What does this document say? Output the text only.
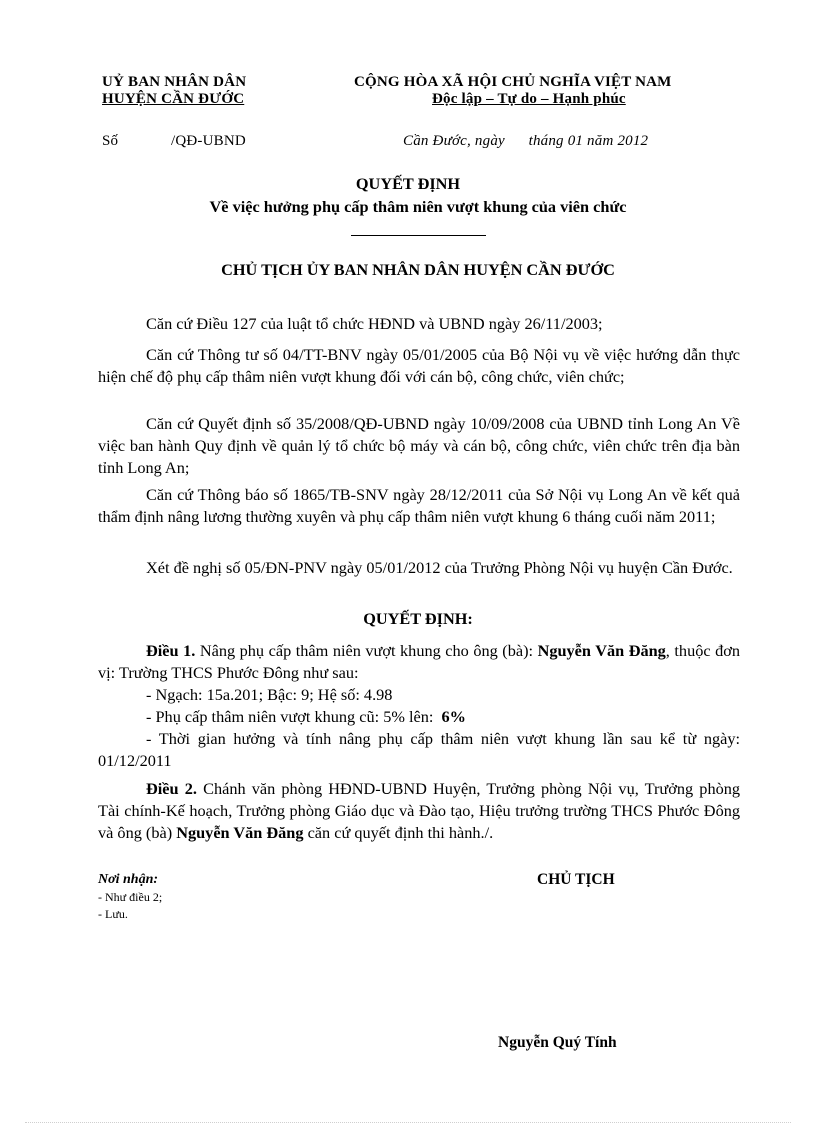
UỶ BAN NHÂN DÂN
HUYỆN CẦN ĐƯỚC
CỘNG HÒA XÃ HỘI CHỦ NGHĨA VIỆT NAM
Độc lập – Tự do – Hạnh phúc
Số	/QĐ-UBND	Cần Đước, ngày      tháng 01 năm 2012
QUYẾT ĐỊNH
Về việc hưởng phụ cấp thâm niên vượt khung của viên chức
CHỦ TỊCH ỦY BAN NHÂN DÂN HUYỆN CẦN ĐƯỚC
Căn cứ Điều 127 của luật tổ chức HĐND và UBND ngày 26/11/2003;
Căn cứ Thông tư số 04/TT-BNV ngày 05/01/2005 của Bộ Nội vụ về việc hướng dẫn thực hiện chế độ phụ cấp thâm niên vượt khung đối với cán bộ, công chức, viên chức;
Căn cứ Quyết định số 35/2008/QĐ-UBND ngày 10/09/2008 của UBND tỉnh Long An Về việc ban hành Quy định về quản lý tổ chức bộ máy và cán bộ, công chức, viên chức trên địa bàn tỉnh Long An;
Căn cứ Thông báo số 1865/TB-SNV ngày 28/12/2011 của Sở Nội vụ Long An về kết quả thẩm định nâng lương thường xuyên và phụ cấp thâm niên vượt khung 6 tháng cuối năm 2011;
Xét đề nghị số 05/ĐN-PNV ngày 05/01/2012 của Trưởng Phòng Nội vụ huyện Cần Đước.
QUYẾT ĐỊNH:
Điều 1. Nâng phụ cấp thâm niên vượt khung cho ông (bà): Nguyễn Văn Đăng, thuộc đơn vị: Trường THCS Phước Đông như sau:
- Ngạch: 15a.201; Bậc: 9; Hệ số: 4.98
- Phụ cấp thâm niên vượt khung cũ: 5% lên:  6%
- Thời gian hưởng và tính nâng phụ cấp thâm niên vượt khung lần sau kể từ ngày: 01/12/2011
Điều 2. Chánh văn phòng HĐND-UBND Huyện, Trưởng phòng Nội vụ, Trưởng phòng Tài chính-Kế hoạch, Trưởng phòng Giáo dục và Đào tạo, Hiệu trưởng trường THCS Phước Đông và ông (bà) Nguyễn Văn Đăng căn cứ quyết định thi hành./.
Nơi nhận:
- Như điều 2;
- Lưu.
CHỦ TỊCH
Nguyễn Quý Tính
